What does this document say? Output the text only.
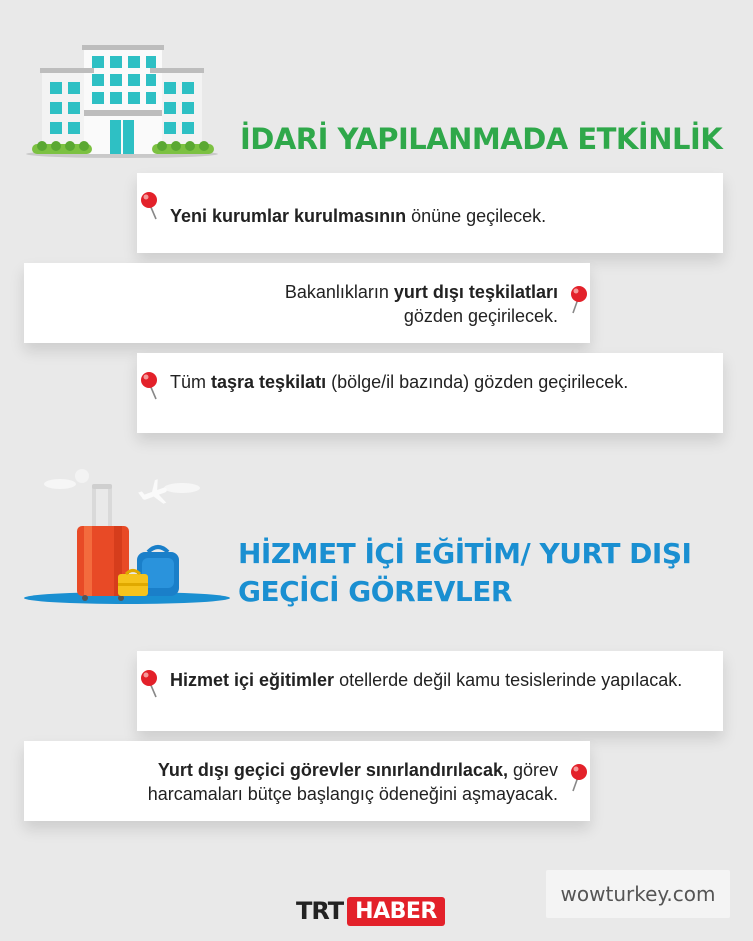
İDARİ YAPILANMADA ETKİNLİK
Yeni kurumlar kurulmasının önüne geçilecek.
Bakanlıkların yurt dışı teşkilatları
gözden geçirilecek.
Tüm taşra teşkilatı (bölge/il bazında) gözden geçirilecek.
HİZMET İÇİ EĞİTİM/ YURT DIŞI
GEÇİCİ GÖREVLER
Hizmet içi eğitimler otellerde değil kamu tesislerinde yapılacak.
Yurt dışı geçici görevler sınırlandırılacak, görev
harcamaları bütçe başlangıç ödeneğini aşmayacak.
wowturkey.com
TRT HABER
